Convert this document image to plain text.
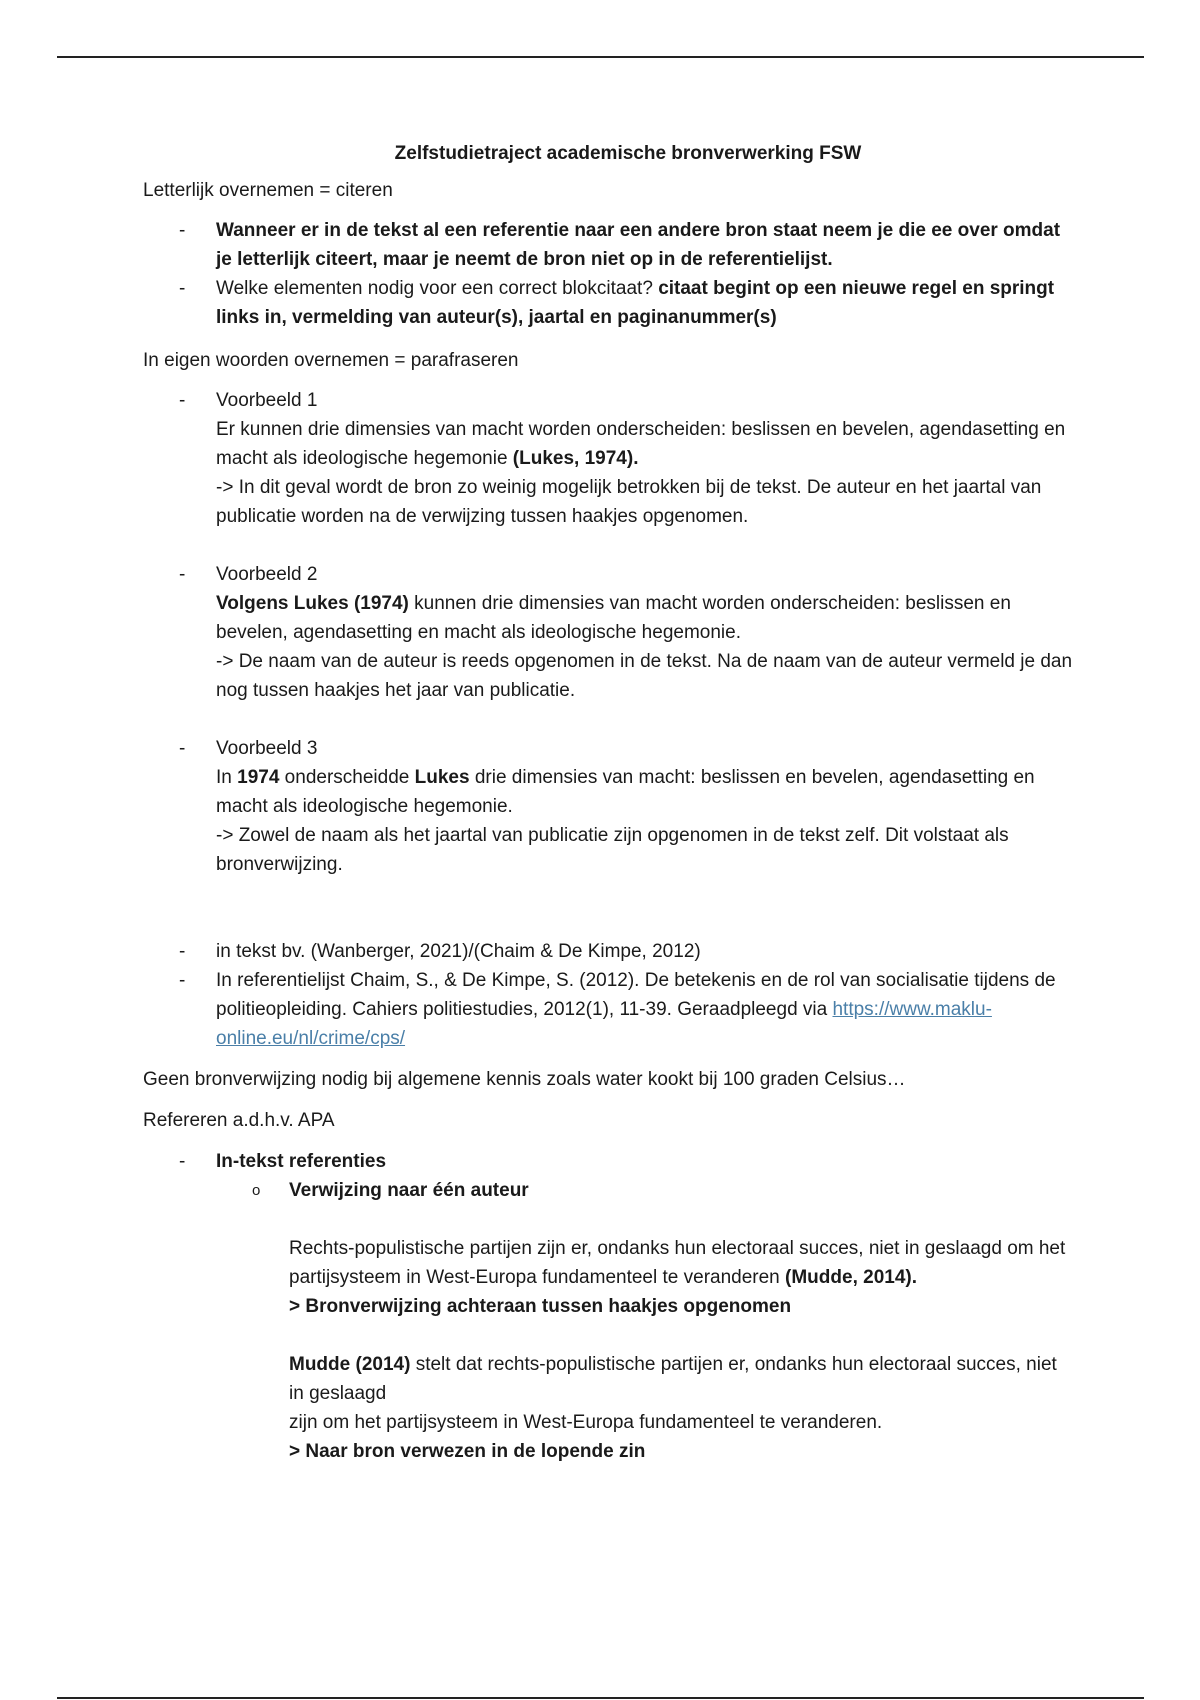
Zelfstudietraject academische bronverwerking FSW

Letterlijk overnemen = citeren

- Wanneer er in de tekst al een referentie naar een andere bron staat neem je die ee over omdat je letterlijk citeert, maar je neemt de bron niet op in de referentielijst.
- Welke elementen nodig voor een correct blokcitaat? citaat begint op een nieuwe regel en springt links in, vermelding van auteur(s), jaartal en paginanummer(s)

In eigen woorden overnemen = parafraseren

- Voorbeeld 1

Er kunnen drie dimensies van macht worden onderscheiden: beslissen en bevelen, agendasetting en macht als ideologische hegemonie (Lukes, 1974).

-> In dit geval wordt de bron zo weinig mogelijk betrokken bij de tekst. De auteur en het jaartal van publicatie worden na de verwijzing tussen haakjes opgenomen.

- Voorbeeld 2

Volgens Lukes (1974) kunnen drie dimensies van macht worden onderscheiden: beslissen en bevelen, agendasetting en macht als ideologische hegemonie.

-> De naam van de auteur is reeds opgenomen in de tekst. Na de naam van de auteur vermeld je dan nog tussen haakjes het jaar van publicatie.

- Voorbeeld 3

In 1974 onderscheidde Lukes drie dimensies van macht: beslissen en bevelen, agendasetting en macht als ideologische hegemonie.

-> Zowel de naam als het jaartal van publicatie zijn opgenomen in de tekst zelf. Dit volstaat als bronverwijzing.

- in tekst bv. (Wanberger, 2021)/(Chaim & De Kimpe, 2012)
- In referentielijst Chaim, S., & De Kimpe, S. (2012). De betekenis en de rol van socialisatie tijdens de politieopleiding. Cahiers politiestudies, 2012(1), 11-39. Geraadpleegd via https://www.maklu-online.eu/nl/crime/cps/

Geen bronverwijzing nodig bij algemene kennis zoals water kookt bij 100 graden Celsius…

Refereren a.d.h.v. APA

- In-tekst referenties

o Verwijzing naar één auteur

Rechts-populistische partijen zijn er, ondanks hun electoraal succes, niet in geslaagd om het partijsysteem in West-Europa fundamenteel te veranderen (Mudde, 2014).

> Bronverwijzing achteraan tussen haakjes opgenomen

Mudde (2014) stelt dat rechts-populistische partijen er, ondanks hun electoraal succes, niet in geslaagd

zijn om het partijsysteem in West-Europa fundamenteel te veranderen.

> Naar bron verwezen in de lopende zin
